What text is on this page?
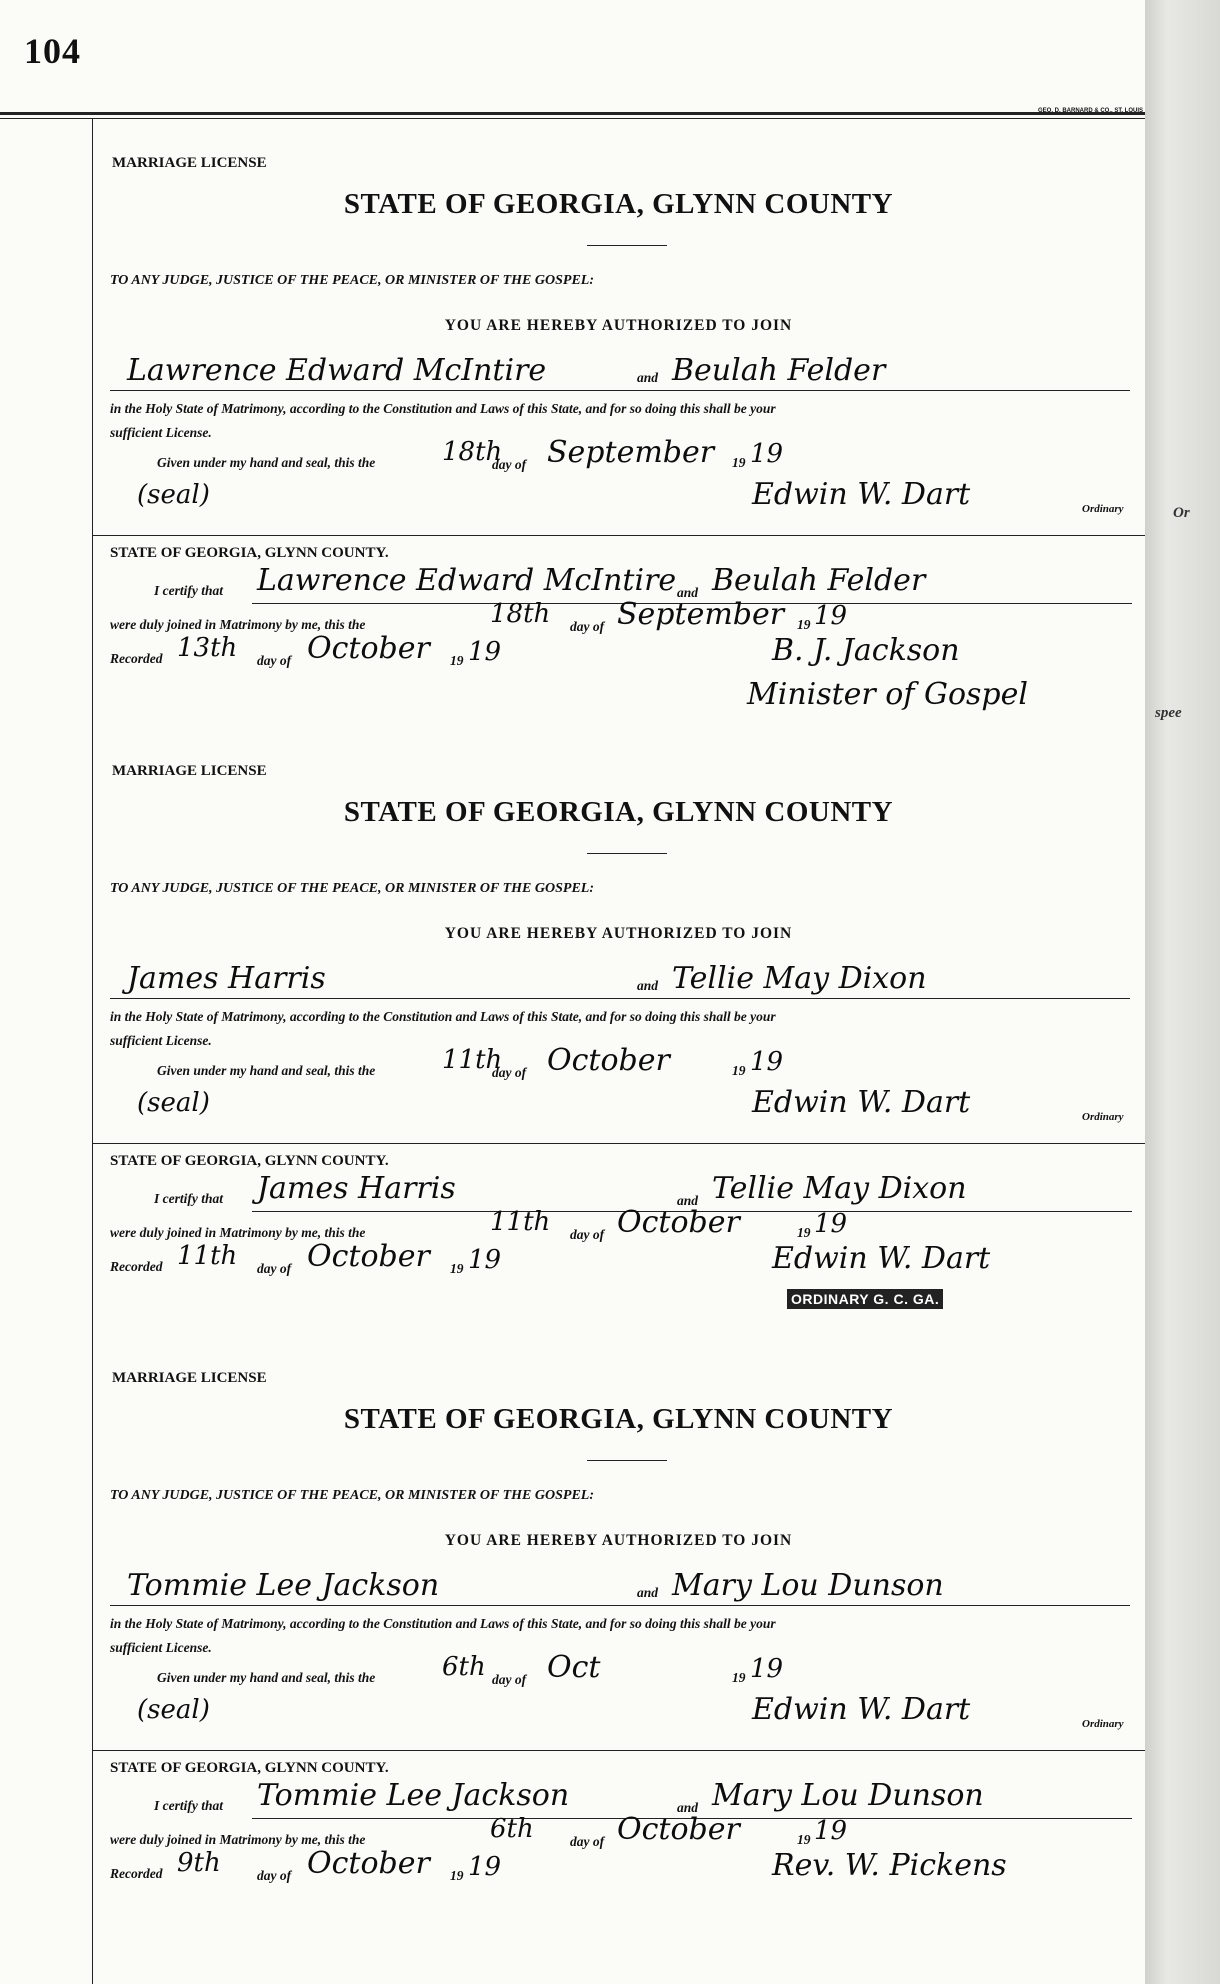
104
GEO. D. BARNARD & CO., ST. LOUIS
MARRIAGE LICENSE
STATE OF GEORGIA, GLYNN COUNTY
TO ANY JUDGE, JUSTICE OF THE PEACE, OR MINISTER OF THE GOSPEL:
YOU ARE HEREBY AUTHORIZED TO JOIN
Lawrence Edward McIntire	and Beulah Felder
in the Holy State of Matrimony, according to the Constitution and Laws of this State, and for so doing this shall be your
sufficient License.
Given under my hand and seal, this the	18th
day of September 19 19
(seal)	Edwin W. Dart	Ordinary
STATE OF GEORGIA, GLYNN COUNTY.
I certify that Lawrence Edward McIntire and Beulah Felder
were duly joined in Matrimony by me, this the	18th day of September 19 19
Recorded 13th day of October 19 19	B. J. Jackson
Minister of Gospel
MARRIAGE LICENSE
STATE OF GEORGIA, GLYNN COUNTY
TO ANY JUDGE, JUSTICE OF THE PEACE, OR MINISTER OF THE GOSPEL:
YOU ARE HEREBY AUTHORIZED TO JOIN
James Harris	and Tellie May Dixon
in the Holy State of Matrimony, according to the Constitution and Laws of this State, and for so doing this shall be your
sufficient License.
Given under my hand and seal, this the	11th
day of October	19 19
(seal)	Edwin W. Dart	Ordinary
STATE OF GEORGIA, GLYNN COUNTY.
I certify that James Harris	and Tellie May Dixon
were duly joined in Matrimony by me, this the	11th day of October	19 19
Recorded 11th day of October 19 19	Edwin W. Dart
ORDINARY G. C. GA.
MARRIAGE LICENSE
STATE OF GEORGIA, GLYNN COUNTY
TO ANY JUDGE, JUSTICE OF THE PEACE, OR MINISTER OF THE GOSPEL:
YOU ARE HEREBY AUTHORIZED TO JOIN
Tommie Lee Jackson	and Mary Lou Dunson
in the Holy State of Matrimony, according to the Constitution and Laws of this State, and for so doing this shall be your
sufficient License.
Given under my hand and seal, this the	6th day of Oct	19 19
(seal)	Edwin W. Dart	Ordinary
STATE OF GEORGIA, GLYNN COUNTY.
I certify that Tommie Lee Jackson	and Mary Lou Dunson
were duly joined in Matrimony by me, this the	6th	day of October	19 19
Recorded 9th	day of October 19 19	Rev. W. Pickens
Or
spee
